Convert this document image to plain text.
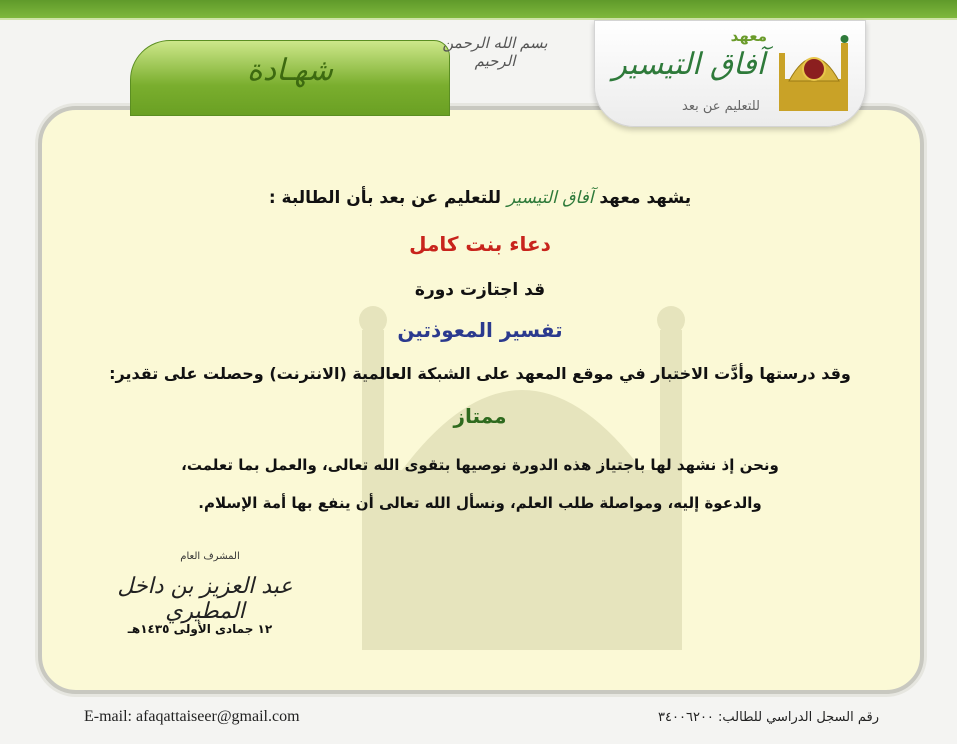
شهـادة
بسم الله الرحمن الرحيم
معهد
آفاق التيسير
للتعليم عن بعد
يشهد معهد آفاق التيسير للتعليم عن بعد بأن الطالبة :
دعاء بنت كامل
قد اجتازت دورة
تفسير المعوذتين
وقد درستها وأدَّت الاختبار في موقع المعهد على الشبكة العالمية (الانترنت) وحصلت على تقدير:
ممتاز
ونحن إذ نشهد لها باجتياز هذه الدورة نوصيها بتقوى الله تعالى، والعمل بما تعلمت،
والدعوة إليه، ومواصلة طلب العلم، ونسأل الله تعالى أن ينفع بها أمة الإسلام.
المشرف العام
عبد العزيز بن داخل المطيري
١٢ جمادى الأولى ١٤٣٥هـ
E-mail: afaqattaiseer@gmail.com	رقم السجل الدراسي للطالب: ٣٤٠٠٦٢٠٠
